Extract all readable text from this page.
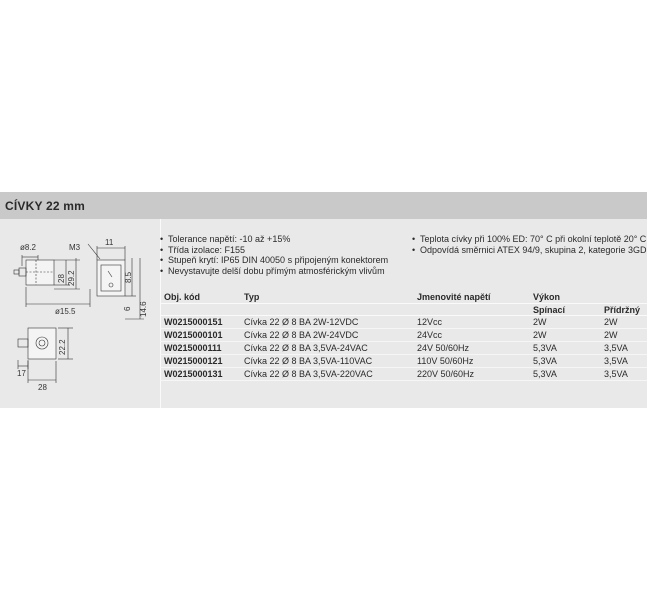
CÍVKY 22 mm
ø8.2	M3
11
8.5
28 29.2
6 14.6
ø15.5
22.2
17
28
• Tolerance napětí: -10 až +15%
• Třída izolace: F155
• Stupeň krytí: IP65 DIN 40050 s připojeným konektorem
• Nevystavujte delší dobu přímým atmosférickým vlivům
• Teplota cívky při 100% ED: 70° C při okolní teplotě 20° C
• Odpovídá směrnici ATEX 94/9, skupina 2, kategorie 3GD
Obj. kód	Typ	Jmenovité napětí	Výkon	
			Spínací	Přídržný
W0215000151	Cívka 22 Ø 8 BA 2W-12VDC	12Vcc	2W	2W
W0215000101	Cívka 22 Ø 8 BA 2W-24VDC	24Vcc	2W	2W
W0215000111	Cívka 22 Ø 8 BA 3,5VA-24VAC	24V 50/60Hz	5,3VA	3,5VA
W0215000121	Cívka 22 Ø 8 BA 3,5VA-110VAC	110V 50/60Hz	5,3VA	3,5VA
W0215000131	Cívka 22 Ø 8 BA 3,5VA-220VAC	220V 50/60Hz	5,3VA	3,5VA
